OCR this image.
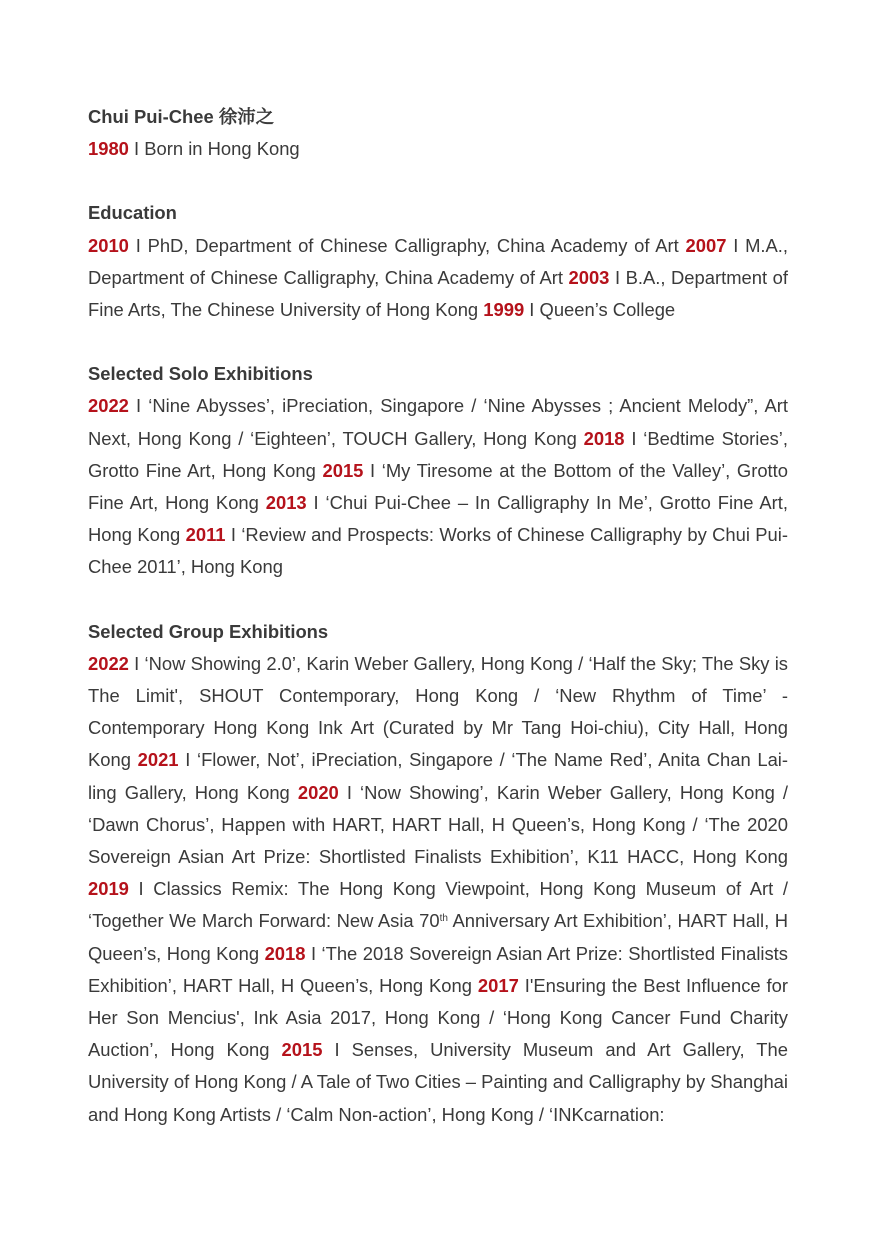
Chui Pui-Chee 徐沛之

1980 I Born in Hong Kong

Education

2010 I PhD, Department of Chinese Calligraphy, China Academy of Art 2007 I M.A., Department of Chinese Calligraphy, China Academy of Art 2003 I B.A., Department of Fine Arts, The Chinese University of Hong Kong 1999 I Queen’s College

Selected Solo Exhibitions

2022 I ‘Nine Abysses’, iPreciation, Singapore / ‘Nine Abysses ; Ancient Melody”, Art Next, Hong Kong / ‘Eighteen’, TOUCH Gallery, Hong Kong 2018 I ‘Bedtime Stories’, Grotto Fine Art, Hong Kong 2015 I ‘My Tiresome at the Bottom of the Valley’, Grotto Fine Art, Hong Kong 2013 I ‘Chui Pui-Chee – In Calligraphy In Me’, Grotto Fine Art, Hong Kong 2011 I ‘Review and Prospects: Works of Chinese Calligraphy by Chui Pui-Chee 2011’, Hong Kong

Selected Group Exhibitions

2022 I ‘Now Showing 2.0’, Karin Weber Gallery, Hong Kong / ‘Half the Sky; The Sky is The Limit', SHOUT Contemporary, Hong Kong / ‘New Rhythm of Time’ - Contemporary Hong Kong Ink Art (Curated by Mr Tang Hoi-chiu), City Hall, Hong Kong 2021 I ‘Flower, Not’, iPreciation, Singapore / ‘The Name Red’, Anita Chan Lai-ling Gallery, Hong Kong 2020 I ‘Now Showing’, Karin Weber Gallery, Hong Kong / ‘Dawn Chorus’, Happen with HART, HART Hall, H Queen’s, Hong Kong / ‘The 2020 Sovereign Asian Art Prize: Shortlisted Finalists Exhibition’, K11 HACC, Hong Kong 2019 I Classics Remix: The Hong Kong Viewpoint, Hong Kong Museum of Art / ‘Together We March Forward: New Asia 70th Anniversary Art Exhibition’, HART Hall, H Queen’s, Hong Kong 2018 I ‘The 2018 Sovereign Asian Art Prize: Shortlisted Finalists Exhibition’, HART Hall, H Queen’s, Hong Kong 2017 I'Ensuring the Best Influence for Her Son Mencius', Ink Asia 2017, Hong Kong / ‘Hong Kong Cancer Fund Charity Auction’, Hong Kong 2015 I Senses, University Museum and Art Gallery, The University of Hong Kong / A Tale of Two Cities – Painting and Calligraphy by Shanghai and Hong Kong Artists / ‘Calm Non-action’, Hong Kong / ‘INKcarnation:
